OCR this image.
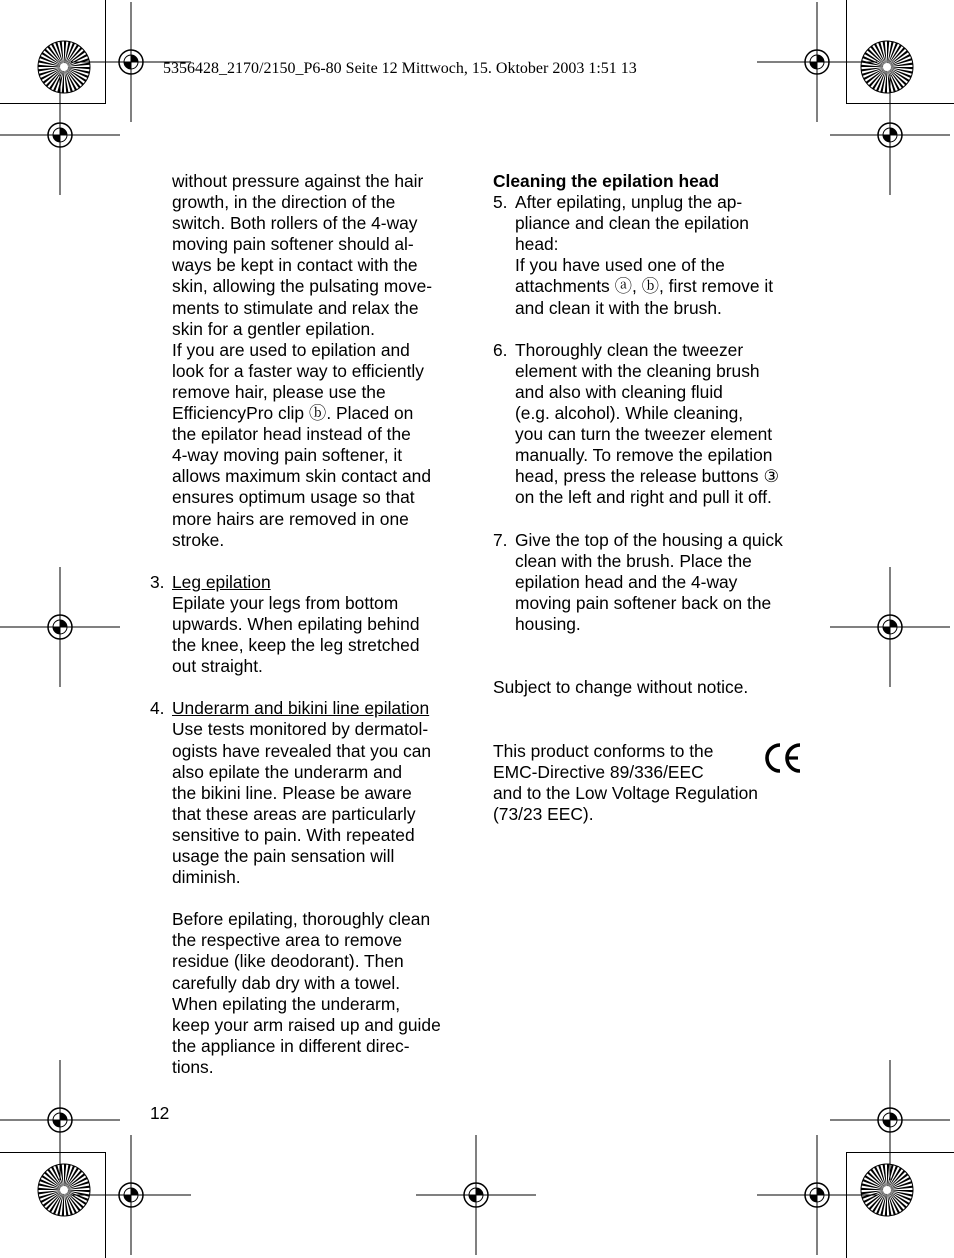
5356428_2170/2150_P6-80 Seite 12 Mittwoch, 15. Oktober 2003 1:51 13
without pressure against the hair
growth, in the direction of the
switch. Both rollers of the 4-way
moving pain softener should al-
ways be kept in contact with the
skin, allowing the pulsating move-
ments to stimulate and relax the
skin for a gentler epilation.
If you are used to epilation and
look for a faster way to efficiently
remove hair, please use the
EfficiencyPro clip ⓑ. Placed on
the epilator head instead of the
4-way moving pain softener, it
allows maximum skin contact and
ensures optimum usage so that
more hairs are removed in one
stroke.
3. Leg epilation
Epilate your legs from bottom
upwards. When epilating behind
the knee, keep the leg stretched
out straight.
4. Underarm and bikini line epilation
Use tests monitored by dermatol-
ogists have revealed that you can
also epilate the underarm and
the bikini line. Please be aware
that these areas are particularly
sensitive to pain. With repeated
usage the pain sensation will
diminish.
Before epilating, thoroughly clean
the respective area to remove
residue (like deodorant). Then
carefully dab dry with a towel.
When epilating the underarm,
keep your arm raised up and guide
the appliance in different direc-
tions.
Cleaning the epilation head
5. After epilating, unplug the ap-
pliance and clean the epilation
head:
If you have used one of the
attachments ⓐ, ⓑ, first remove it
and clean it with the brush.
6. Thoroughly clean the tweezer
element with the cleaning brush
and also with cleaning fluid
(e.g. alcohol). While cleaning,
you can turn the tweezer element
manually. To remove the epilation
head, press the release buttons ③
on the left and right and pull it off.
7. Give the top of the housing a quick
clean with the brush. Place the
epilation head and the 4-way
moving pain softener back on the
housing.
Subject to change without notice.
This product conforms to the
EMC-Directive 89/336/EEC
and to the Low Voltage Regulation
(73/23 EEC).
12
